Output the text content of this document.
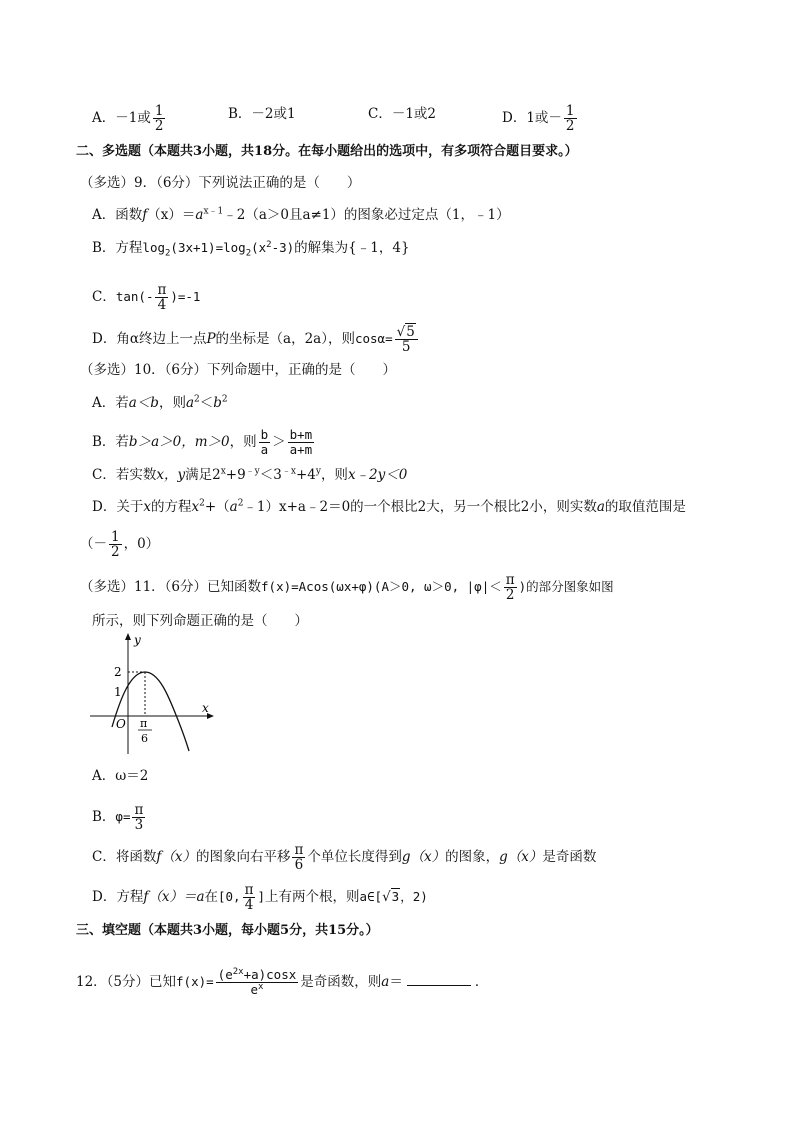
A．－1或 $\frac{1}{2}$	B．－2或1	C．－1或2	D．1或－ $\frac{1}{2}$
二、多选题（本题共3小题，共18分。在每小题给出的选项中，有多项符合题目要求。）
（多选）9．（6分）下列说法正确的是（　　）
A．函数$f(x)=a^{x﹣1}﹣2(a>0$且a≠1）的图象必过定点（1，﹣1）
B．方程$\log_2(3x+1)=\log_2(x^2-3)$的解集为{﹣1，4}
C．$\tan(- \frac{\pi}{4} )=-1$
D．角α终边上一点P的坐标是（a，2a），则$\cos\alpha= \frac{√5}{5}$
（多选）10．（6分）下列命题中，正确的是（　　）
A．若a＜b，则$a^2<b^2$
B．若b＞a＞0，m＞0，则 $\frac{b}{a} > \frac{b+m}{a+m}$
C．若实数x，y满足$2^x+9^{﹣y}<3^{﹣x}+4^y$，则x﹣2y＜0
D．关于x的方程$x^2+(a^2﹣1)x+a﹣2=0$的一个根比2大，另一个根比2小，则实数a的取值范围是
（－ $\frac{1}{2}$ ，0）
（多选）11．（6分）已知函数f(x)=Acos(ωx+φ)(A＞0, ω＞0, $|\varphi|< \frac{\pi}{2}$ )的部分图象如图
所示，则下列命题正确的是（　　）
y
x
O
2
1
π
6
A．ω＝2
B．$\varphi= \frac{\pi}{3}$
C．将函数f（x）的图象向右平移 $\frac{\pi}{6}$ 个单位长度得到g（x）的图象，g（x）是奇函数
D．方程f（x）＝a在[0, $\frac{\pi}{4}$ ]上有两个根，则a∈[√3，2)
三、填空题（本题共3小题，每小题5分，共15分。）
12．（5分）已知$f(x)= \frac{(e^{2x}+a)\cos x}{e^x}$ 是奇函数，则a＝	．
